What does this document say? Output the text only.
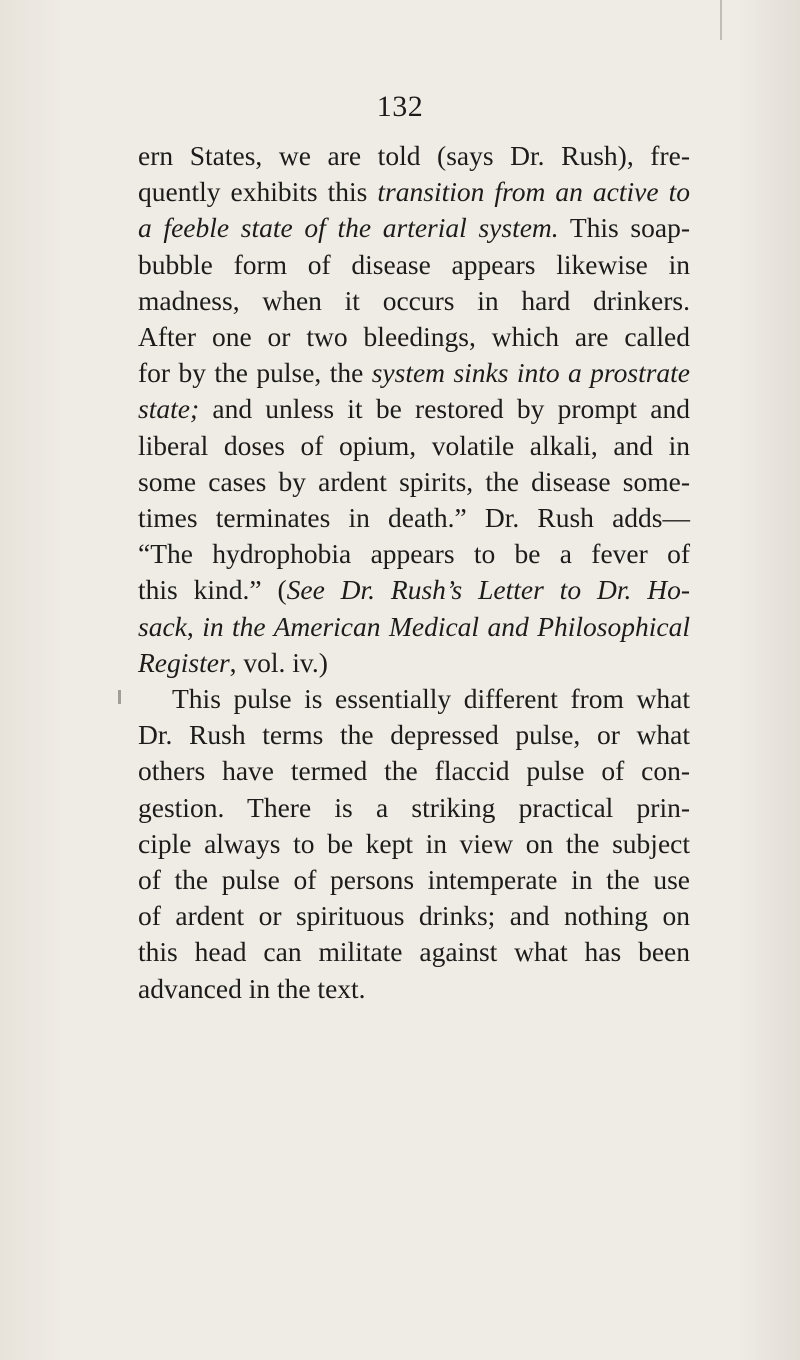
132
ern States, we are told (says Dr. Rush), fre-
quently exhibits this transition from an active to
a feeble state of the arterial system. This soap-
bubble form of disease appears likewise in
madness, when it occurs in hard drinkers.
After one or two bleedings, which are called
for by the pulse, the system sinks into a prostrate
state; and unless it be restored by prompt and
liberal doses of opium, volatile alkali, and in
some cases by ardent spirits, the disease some-
times terminates in death.” Dr. Rush adds—
“The hydrophobia appears to be a fever of
this kind.” (See Dr. Rush’s Letter to Dr. Ho-
sack, in the American Medical and Philosophical
Register, vol. iv.)
This pulse is essentially different from what
Dr. Rush terms the depressed pulse, or what
others have termed the flaccid pulse of con-
gestion. There is a striking practical prin-
ciple always to be kept in view on the subject
of the pulse of persons intemperate in the use
of ardent or spirituous drinks; and nothing on
this head can militate against what has been
advanced in the text.
